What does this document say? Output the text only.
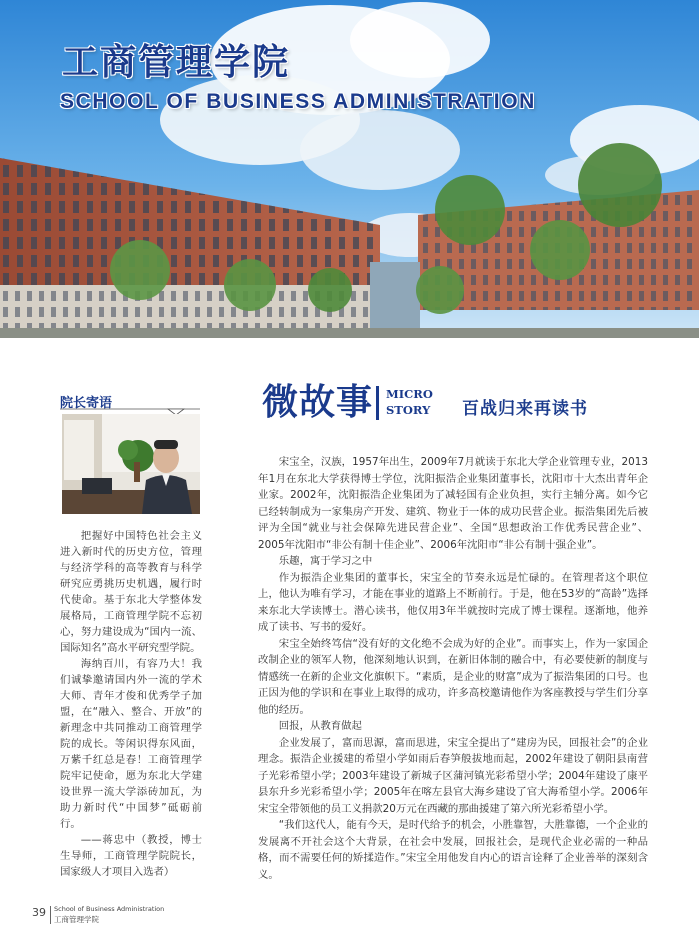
工商管理学院
SCHOOL OF BUSINESS ADMINISTRATION
院长寄语

把握好中国特色社会主义进入新时代的历史方位，管理与经济学科的高等教育与科学研究应勇挑历史机遇，履行时代使命。基于东北大学整体发展格局，工商管理学院不忘初心，努力建设成为“国内一流、国际知名”高水平研究型学院。

海纳百川，有容乃大！我们诚挚邀请国内外一流的学术大师、青年才俊和优秀学子加盟，在“融入、整合、开放”的新理念中共同推动工商管理学院的成长。等闲识得东风面，万紫千红总是春！工商管理学院牢记使命，愿为东北大学建设世界一流大学添砖加瓦，为助力新时代“中国梦”砥砺前行。

——蒋忠中（教授，博士生导师，工商管理学院院长，国家级人才项目入选者）

微故事 MICRO
STORY 百战归来再读书

宋宝全，汉族，1957年出生，2009年7月就读于东北大学企业管理专业，2013年1月在东北大学获得博士学位，沈阳振浩企业集团董事长，沈阳市十大杰出青年企业家。2002年，沈阳振浩企业集团为了减轻国有企业负担，实行主辅分离。如今它已经转制成为一家集房产开发、建筑、物业于一体的成功民营企业。振浩集团先后被评为全国“就业与社会保障先进民营企业”、全国“思想政治工作优秀民营企业”、2005年沈阳市“非公有制十佳企业”、2006年沈阳市“非公有制十强企业”。

乐趣，寓于学习之中

作为振浩企业集团的董事长，宋宝全的节奏永远是忙碌的。在管理者这个职位上，他认为唯有学习，才能在事业的道路上不断前行。于是，他在53岁的“高龄”选择来东北大学读博士。潜心读书，他仅用3年半就按时完成了博士课程。逐渐地，他养成了读书、写书的爱好。

宋宝全始终笃信“没有好的文化绝不会成为好的企业”。而事实上，作为一家国企改制企业的领军人物，他深刻地认识到，在新旧体制的融合中，有必要使新的制度与情感统一在新的企业文化旗帜下。“素质，是企业的财富”成为了振浩集团的口号。也正因为他的学识和在事业上取得的成功，许多高校邀请他作为客座教授与学生们分享他的经历。

回报，从教育做起

企业发展了，富而思源，富而思进，宋宝全提出了“建房为民，回报社会”的企业理念。振浩企业援建的希望小学如雨后春笋般拔地而起，2002年建设了朝阳县南营子光彩希望小学；2003年建设了新城子区蒲河镇光彩希望小学；2004年建设了康平县东升乡光彩希望小学；2005年在喀左县官大海乡建设了官大海希望小学。2006年宋宝全带领他的员工义捐款20万元在西藏的那曲援建了第六所光彩希望小学。

“我们这代人，能有今天，是时代给予的机会，小胜靠智，大胜靠德，一个企业的发展离不开社会这个大背景，在社会中发展，回报社会，是现代企业必需的一种品格，而不需要任何的矫揉造作。”宋宝全用他发自内心的语言诠释了企业善举的深刻含义。

39 School of Business Administration
工商管理学院
